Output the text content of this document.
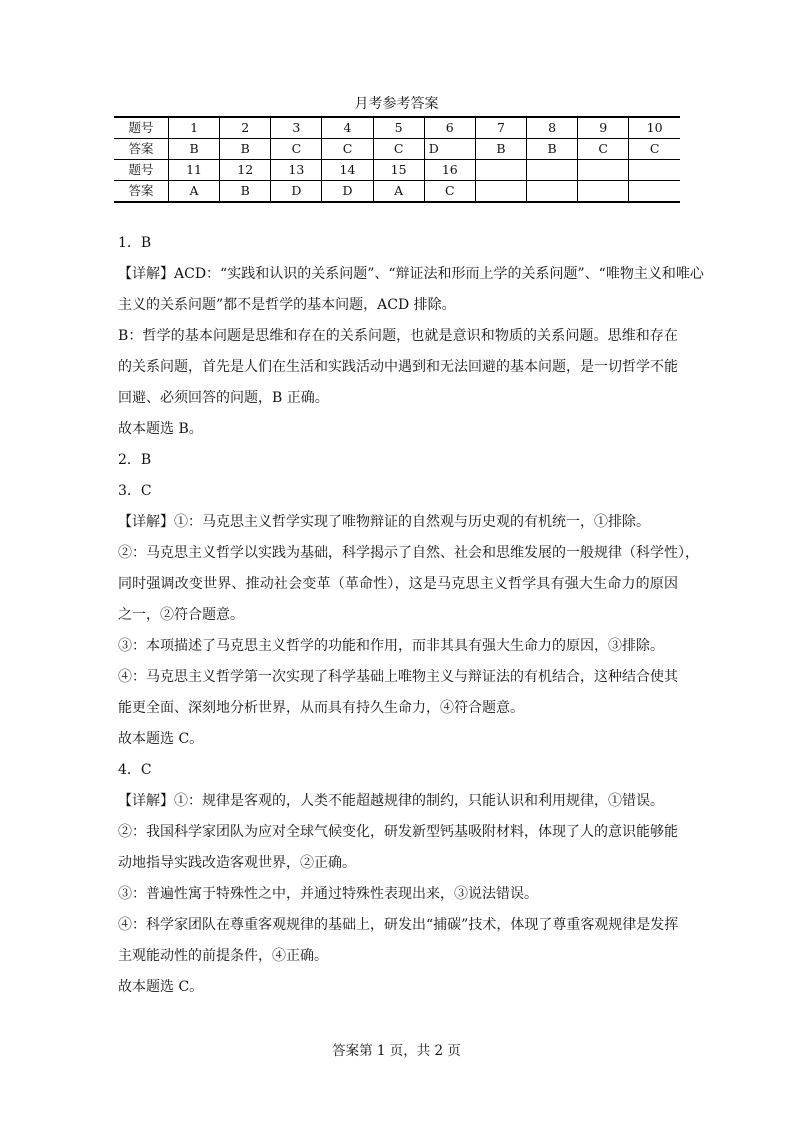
月考参考答案
题号	1	2	3	4	5	6	7	8	9	10
答案	B	B	C	C	C	D	B	B	C	C
题号	11	12	13	14	15	16				
答案	A	B	D	D	A	C				
1．B
【详解】ACD：“实践和认识的关系问题”、“辩证法和形而上学的关系问题”、“唯物主义和唯心
主义的关系问题”都不是哲学的基本问题，ACD 排除。
B：哲学的基本问题是思维和存在的关系问题，也就是意识和物质的关系问题。思维和存在
的关系问题，首先是人们在生活和实践活动中遇到和无法回避的基本问题，是一切哲学不能
回避、必须回答的问题，B 正确。
故本题选 B。
2．B
3．C
【详解】①：马克思主义哲学实现了唯物辩证的自然观与历史观的有机统一，①排除。
②：马克思主义哲学以实践为基础，科学揭示了自然、社会和思维发展的一般规律（科学性），
同时强调改变世界、推动社会变革（革命性），这是马克思主义哲学具有强大生命力的原因
之一，②符合题意。
③：本项描述了马克思主义哲学的功能和作用，而非其具有强大生命力的原因，③排除。
④：马克思主义哲学第一次实现了科学基础上唯物主义与辩证法的有机结合，这种结合使其
能更全面、深刻地分析世界，从而具有持久生命力，④符合题意。
故本题选 C。
4．C
【详解】①：规律是客观的，人类不能超越规律的制约，只能认识和利用规律，①错误。
②：我国科学家团队为应对全球气候变化，研发新型钙基吸附材料，体现了人的意识能够能
动地指导实践改造客观世界，②正确。
③：普遍性寓于特殊性之中，并通过特殊性表现出来，③说法错误。
④：科学家团队在尊重客观规律的基础上，研发出“捕碳”技术，体现了尊重客观规律是发挥
主观能动性的前提条件，④正确。
故本题选 C。
答案第 1 页，共 2 页
